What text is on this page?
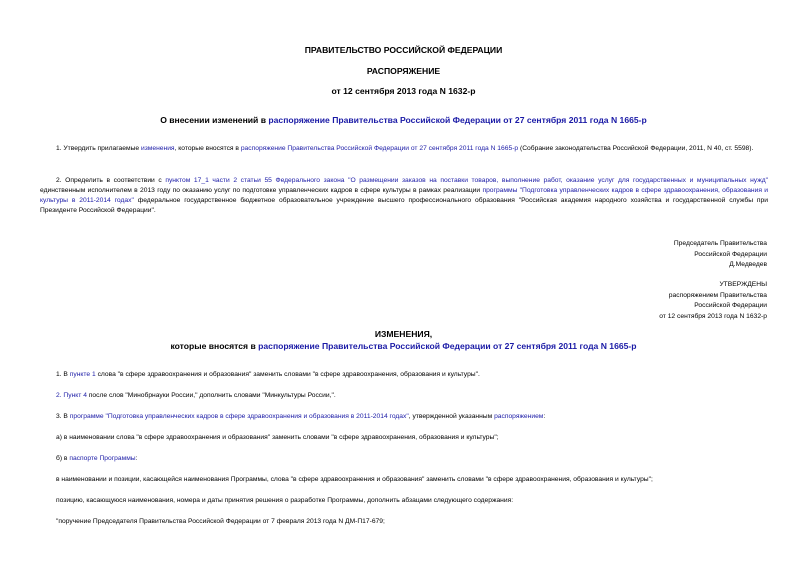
ПРАВИТЕЛЬСТВО РОССИЙСКОЙ ФЕДЕРАЦИИ
РАСПОРЯЖЕНИЕ
от 12 сентября 2013 года N 1632-р
О внесении изменений в распоряжение Правительства Российской Федерации от 27 сентября 2011 года N 1665-р
1. Утвердить прилагаемые изменения, которые вносятся в распоряжение Правительства Российской Федерации от 27 сентября 2011 года N 1665-р (Собрание законодательства Российской Федерации, 2011, N 40, ст. 5598).
2. Определить в соответствии с пунктом 17_1 части 2 статьи 55 Федерального закона "О размещении заказов на поставки товаров, выполнение работ, оказание услуг для государственных и муниципальных нужд" единственным исполнителем в 2013 году по оказанию услуг по подготовке управленческих кадров в сфере культуры в рамках реализации программы "Подготовка управленческих кадров в сфере здравоохранения, образования и культуры в 2011-2014 годах" федеральное государственное бюджетное образовательное учреждение высшего профессионального образования "Российская академия народного хозяйства и государственной службы при Президенте Российской Федерации".
Председатель Правительства
Российской Федерации
Д.Медведев
УТВЕРЖДЕНЫ
распоряжением Правительства
Российской Федерации
от 12 сентября 2013 года N 1632-р
ИЗМЕНЕНИЯ,
которые вносятся в распоряжение Правительства Российской Федерации от 27 сентября 2011 года N 1665-р
1. В пункте 1 слова "в сфере здравоохранения и образования" заменить словами "в сфере здравоохранения, образования и культуры".
2. Пункт 4 после слов "Минобрнауки России," дополнить словами "Минкультуры России,".
3. В программе "Подготовка управленческих кадров в сфере здравоохранения и образования в 2011-2014 годах", утвержденной указанным распоряжением:
а) в наименовании слова "в сфере здравоохранения и образования" заменить словами "в сфере здравоохранения, образования и культуры";
б) в паспорте Программы:
в наименовании и позиции, касающейся наименования Программы, слова "в сфере здравоохранения и образования" заменить словами "в сфере здравоохранения, образования и культуры";
позицию, касающуюся наименования, номера и даты принятия решения о разработке Программы, дополнить абзацами следующего содержания:
"поручение Председателя Правительства Российской Федерации от 7 февраля 2013 года N ДМ-П17-679;
